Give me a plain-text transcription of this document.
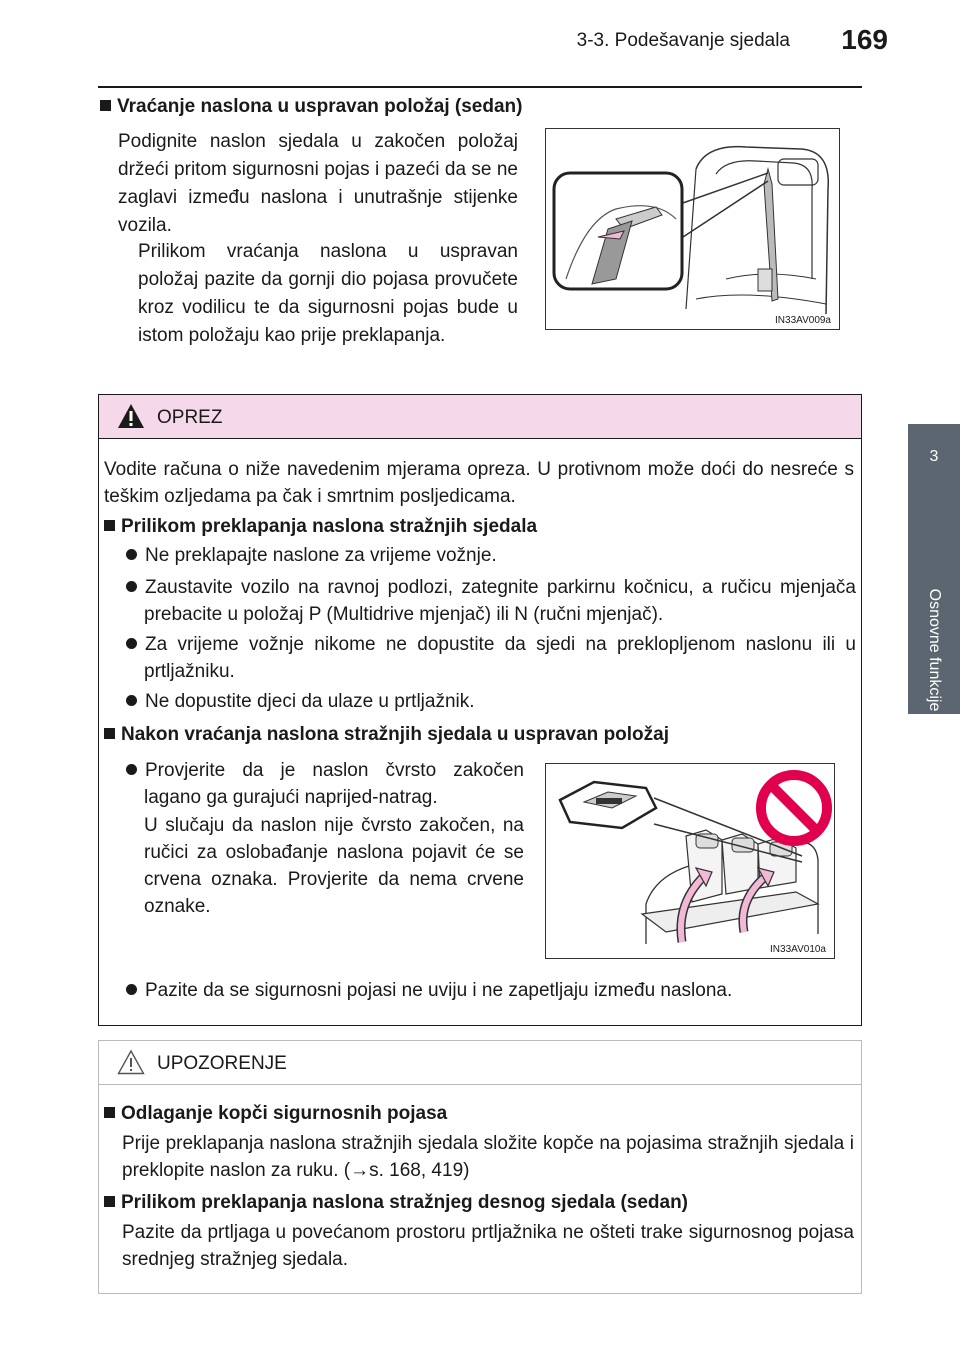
3-3. Podešavanje sjedala 169
3
Osnovne funkcije
Vraćanje naslona u uspravan položaj (sedan)
Podignite naslon sjedala u zakočen položaj držeći pritom sigurnosni pojas i pazeći da se ne zaglavi između naslona i unutrašnje stijenke vozila.
Prilikom vraćanja naslona u uspravan položaj pazite da gornji dio pojasa provučete kroz vodilicu te da sigurnosni pojas bude u istom položaju kao prije preklapanja.
IN33AV009a
OPREZ
Vodite računa o niže navedenim mjerama opreza. U protivnom može doći do nesreće s teškim ozljedama pa čak i smrtnim posljedicama.
Prilikom preklapanja naslona stražnjih sjedala
Ne preklapajte naslone za vrijeme vožnje.
Zaustavite vozilo na ravnoj podlozi, zategnite parkirnu kočnicu, a ručicu mjenjača prebacite u položaj P (Multidrive mjenjač) ili N (ručni mjenjač).
Za vrijeme vožnje nikome ne dopustite da sjedi na preklopljenom naslonu ili u prtljažniku.
Ne dopustite djeci da ulaze u prtljažnik.
Nakon vraćanja naslona stražnjih sjedala u uspravan položaj
Provjerite da je naslon čvrsto zakočen lagano ga gurajući naprijed-natrag.
U slučaju da naslon nije čvrsto zakočen, na ručici za oslobađanje naslona pojavit će se crvena oznaka. Provjerite da nema crvene oznake.
IN33AV010a
Pazite da se sigurnosni pojasi ne uviju i ne zapetljaju između naslona.
UPOZORENJE
Odlaganje kopči sigurnosnih pojasa
Prije preklapanja naslona stražnjih sjedala složite kopče na pojasima stražnjih sjedala i preklopite naslon za ruku. (→s. 168, 419)
Prilikom preklapanja naslona stražnjeg desnog sjedala (sedan)
Pazite da prtljaga u povećanom prostoru prtljažnika ne ošteti trake sigurnosnog pojasa srednjeg stražnjeg sjedala.
